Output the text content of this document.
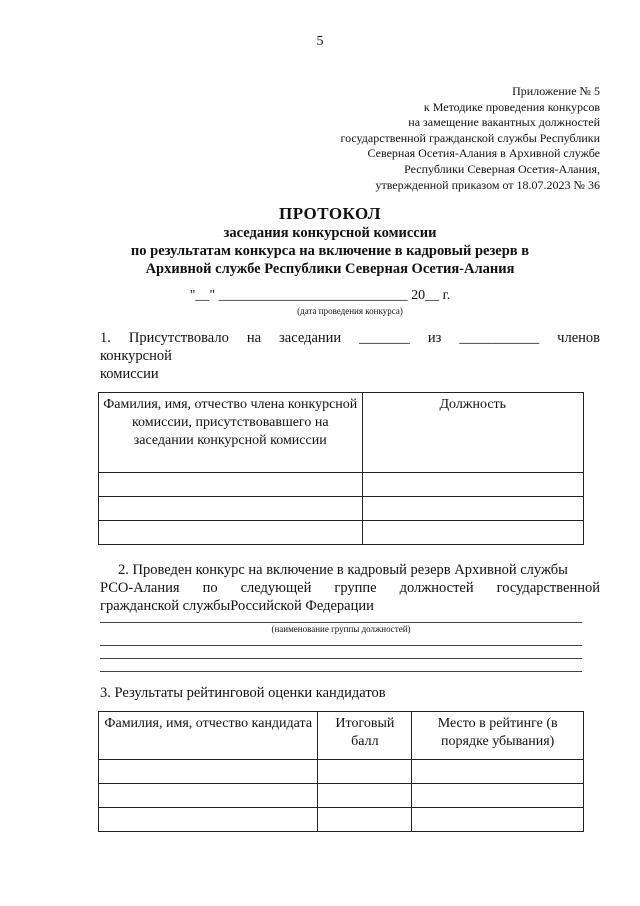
5
Приложение № 5
к Методике проведения конкурсов
на замещение вакантных должностей
государственной гражданской службы Республики
Северная Осетия-Алания в Архивной службе
Республики Северная Осетия-Алания,
утвержденной приказом от 18.07.2023 № 36
ПРОТОКОЛ
заседания конкурсной комиссии
по результатам конкурса на включение в кадровый резерв в
Архивной службе Республики Северная Осетия-Алания
"__" ___________________________ 20__ г.
(дата проведения конкурса)
1. Присутствовало на заседании _______ из ___________ членов
конкурсной
комиссии
Фамилия, имя, отчество члена конкурсной комиссии, присутствовавшего на заседании конкурсной комиссии	Должность

2. Проведен конкурс на включение в кадровый резерв Архивной службы
РСО-Алания по следующей группе должностей государственной
гражданской службыРоссийской Федерации
(наименование группы должностей)
3. Результаты рейтинговой оценки кандидатов
Фамилия, имя, отчество кандидата	Итоговый балл	Место в рейтинге (в порядке убывания)
